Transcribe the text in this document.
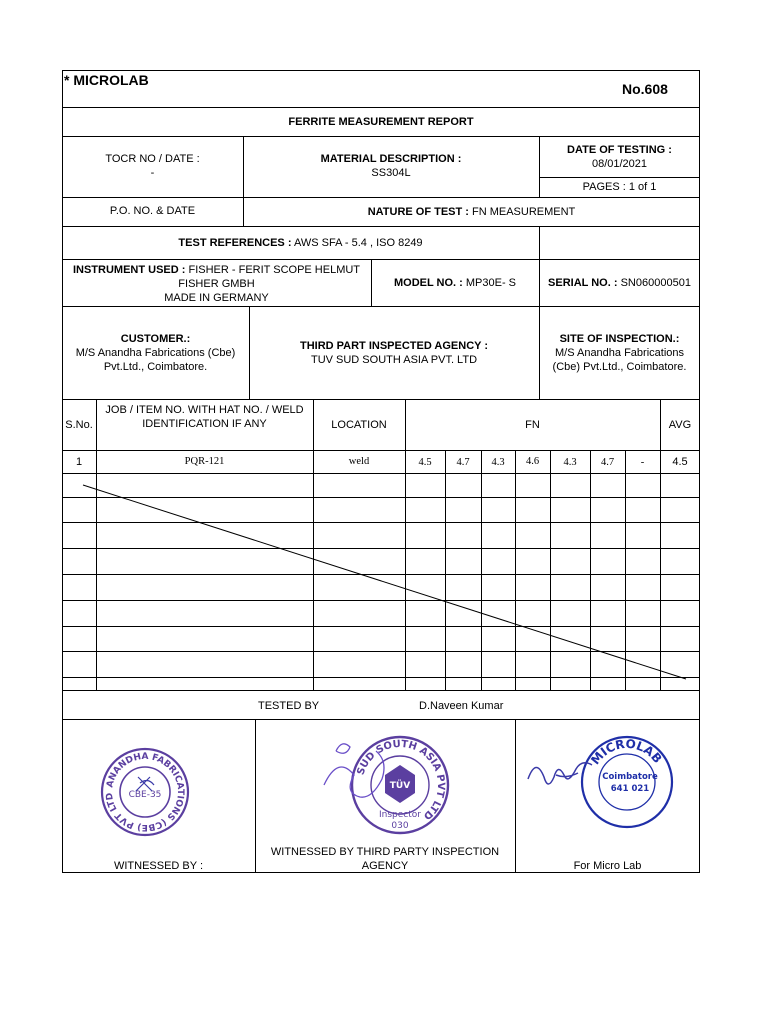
* MICROLAB
No.608
FERRITE MEASUREMENT REPORT
TOCR NO / DATE :
-
MATERIAL DESCRIPTION :
SS304L
DATE OF TESTING :
08/01/2021
PAGES : 1 of 1
P.O. NO. & DATE	NATURE OF TEST : FN MEASUREMENT
TEST REFERENCES : AWS SFA - 5.4 , ISO 8249
INSTRUMENT USED : FISHER - FERIT SCOPE HELMUT
FISHER GMBH
MADE IN GERMANY
MODEL NO. : MP30E- S	SERIAL NO. : SN060000501
CUSTOMER.:
M/S Anandha Fabrications (Cbe)
Pvt.Ltd., Coimbatore.
THIRD PART INSPECTED AGENCY :
TUV SUD SOUTH ASIA PVT. LTD
SITE OF INSPECTION.:
M/S Anandha Fabrications
(Cbe) Pvt.Ltd., Coimbatore.
S.No.
JOB / ITEM NO. WITH HAT NO. / WELD IDENTIFICATION IF ANY	LOCATION	FN	AVG
1	PQR-121	weld	4.5	4.7	4.3	4.6	4.3	4.7	-	4.5
TESTED BY	D.Naveen Kumar
WITNESSED BY :
WITNESSED BY THIRD PARTY INSPECTION AGENCY	For Micro Lab
ANANDHA FABRICATIONS (CBE) PVT LTD	CBE-35
SUD SOUTH ASIA PVT LTD
TÜV
Inspector
030
MICROLAB
Coimbatore
641 021
